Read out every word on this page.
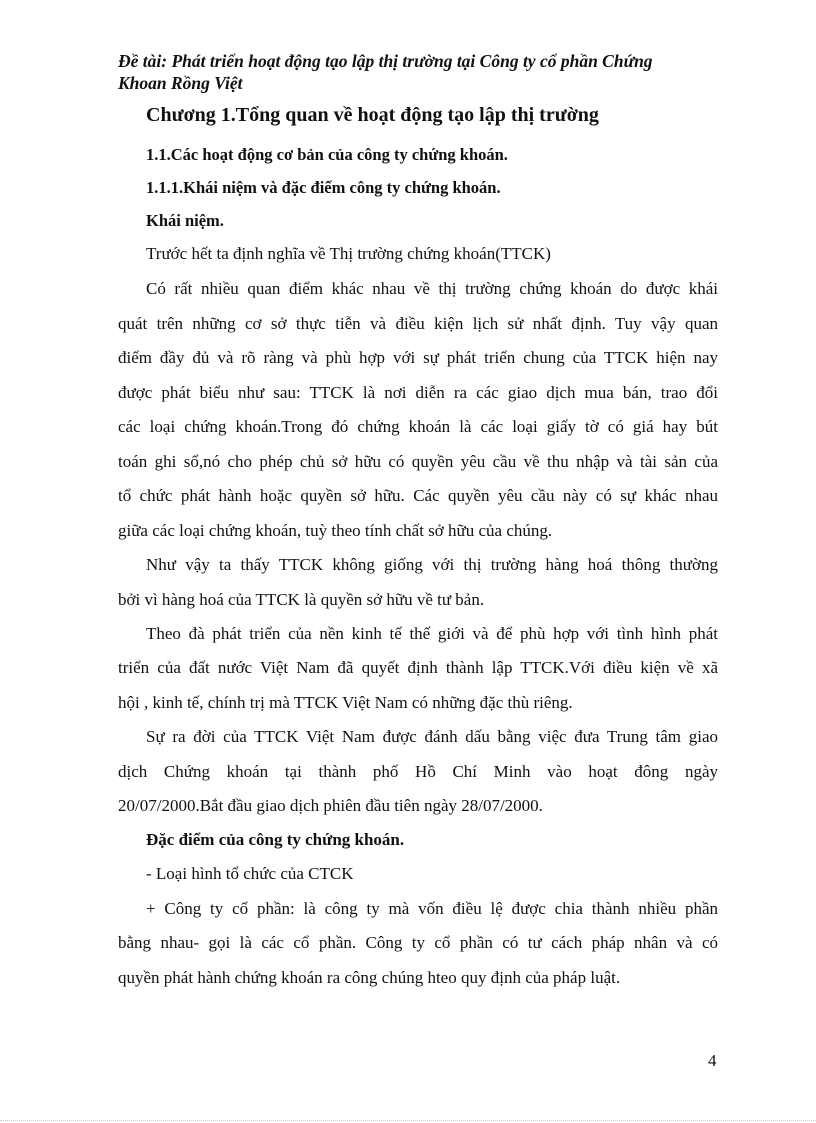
Đề tài: Phát triển hoạt động tạo lập thị trường tại Công ty cổ phần Chứng
Khoan Rồng Việt
Chương 1.Tổng quan về hoạt động tạo lập thị trường
1.1.Các hoạt động cơ bản của công ty chứng khoán.
1.1.1.Khái niệm và đặc điểm công ty chứng khoán.
Khái niệm.
Trước hết ta định nghĩa về Thị trường chứng khoán(TTCK)
Có rất nhiều quan điểm khác nhau về thị trường chứng khoán do được khái
quát trên những cơ sở thực tiễn và điều kiện lịch sử nhất định. Tuy vậy quan
điểm đầy đủ và rõ ràng và phù hợp với sự phát triển chung của TTCK hiện nay
được phát biểu như sau: TTCK là nơi diễn ra các giao dịch mua bán, trao đổi
các loại chứng khoán.Trong đó chứng khoán là các loại giấy tờ có giá hay bút
toán ghi sổ,nó cho phép chủ sở hữu có quyền yêu cầu về thu nhập và tài sản của
tổ chức phát hành hoặc quyền sở hữu. Các quyền yêu cầu này có sự khác nhau
giữa các loại chứng khoán, tuỳ theo tính chất sở hữu của chúng.
Như vậy ta thấy TTCK không giống với thị trường hàng hoá thông thường
bởi vì hàng hoá của TTCK là quyền sở hữu về tư bản.
Theo đà phát triển của nền kinh tế thế giới và để phù hợp với tình hình phát
triển của đất nước Việt Nam đã quyết định thành lập TTCK.Với điều kiện về xã
hội , kinh tế, chính trị mà TTCK Việt Nam có những đặc thù riêng.
Sự ra đời của TTCK Việt Nam được đánh dấu bằng việc đưa Trung tâm giao
dịch Chứng khoán tại thành phố Hồ Chí Minh vào hoạt đông ngày
20/07/2000.Bắt đầu giao dịch phiên đầu tiên ngày 28/07/2000.
Đặc điểm của công ty chứng khoán.
- Loại hình tổ chức của CTCK
+ Công ty cổ phần: là công ty mà vốn điều lệ được chia thành nhiều phần
bằng nhau- gọi là các cổ phần. Công ty cổ phần có tư cách pháp nhân và có
quyền phát hành chứng khoán ra công chúng hteo quy định của pháp luật.
4
